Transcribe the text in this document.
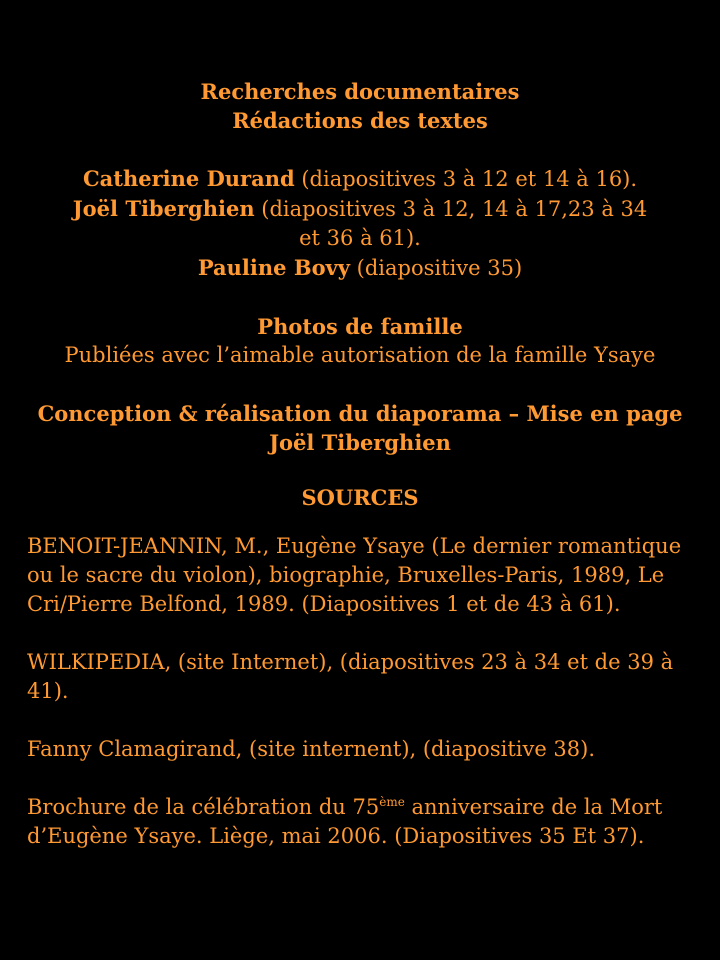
Recherches documentaires
Rédactions des textes
Catherine Durand (diapositives 3 à 12 et 14 à 16).
Joël Tiberghien (diapositives 3 à 12, 14 à 17,23 à 34
et 36 à 61).
Pauline Bovy (diapositive 35)
Photos de famille
Publiées avec l’aimable autorisation de la famille Ysaye
Conception & réalisation du diaporama – Mise en page
Joël Tiberghien
SOURCES

BENOIT-JEANNIN, M., Eugène Ysaye (Le dernier romantique ou le sacre du violon), biographie, Bruxelles-Paris, 1989, Le Cri/Pierre Belfond, 1989. (Diapositives 1 et de 43 à 61).

WILKIPEDIA, (site Internet), (diapositives 23 à 34 et de 39 à 41).

Fanny Clamagirand, (site internent), (diapositive 38).

Brochure de la célébration du 75ème anniversaire de la Mort d’Eugène Ysaye. Liège, mai 2006. (Diapositives 35 Et 37).
